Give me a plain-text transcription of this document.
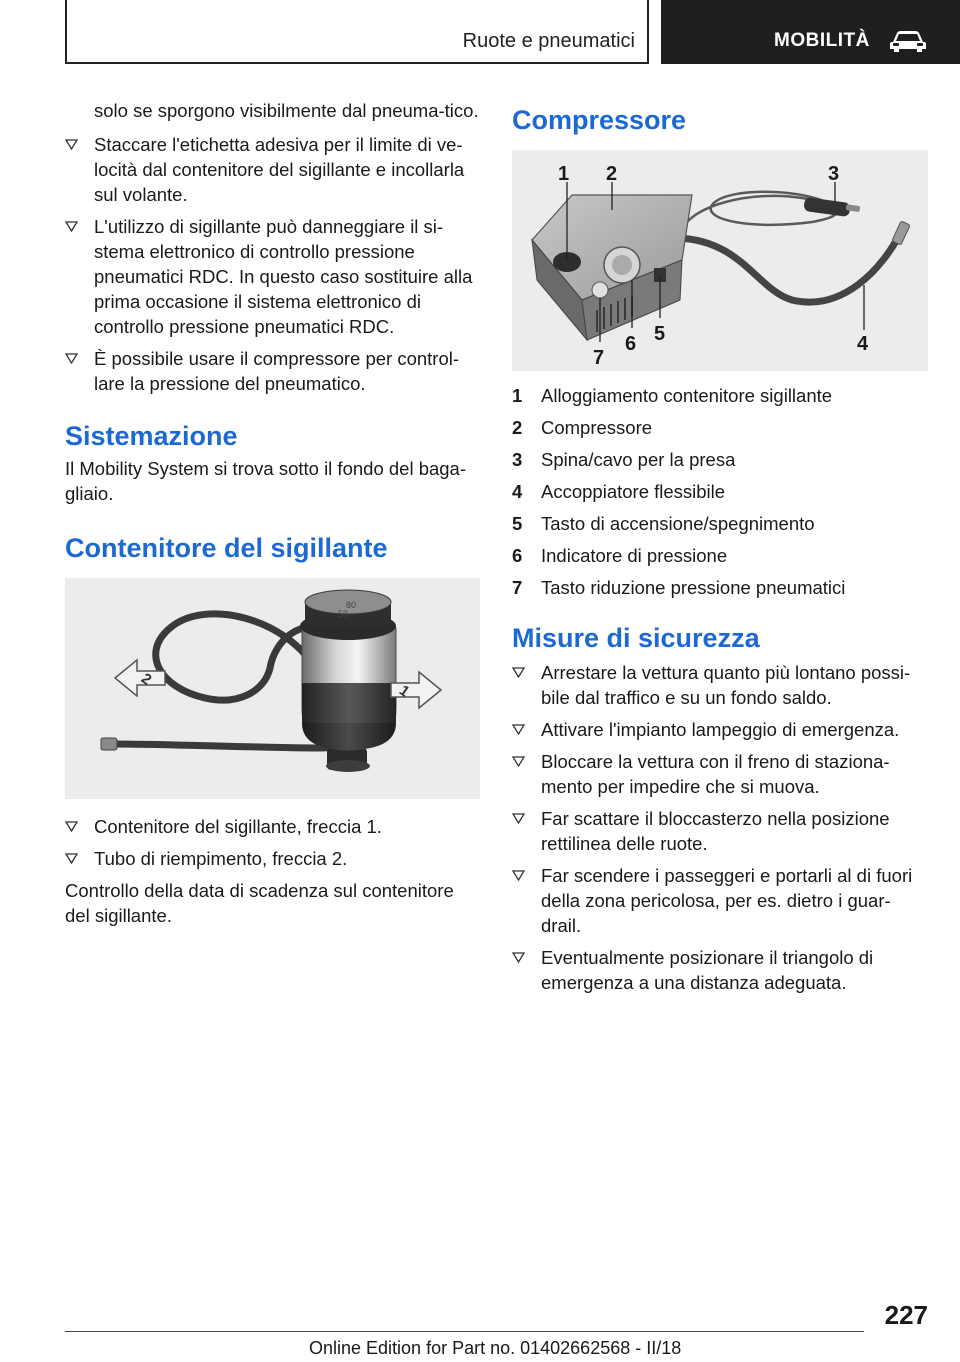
Ruote e pneumatici	MOBILITÀ

solo se sporgono visibilmente dal pneuma-tico.

Staccare l'etichetta adesiva per il limite di ve-locità dal contenitore del sigillante e incollarla sul volante.
L'utilizzo di sigillante può danneggiare il si-stema elettronico di controllo pressione pneumatici RDC. In questo caso sostituire alla prima occasione il sistema elettronico di controllo pressione pneumatici RDC.
È possibile usare il compressore per control-lare la pressione del pneumatico.
Sistemazione

Il Mobility System si trova sotto il fondo del baga-gliaio.

Contenitore del sigillante
80
50
2
1
Contenitore del sigillante, freccia 1.
Tubo di riempimento, freccia 2.

Controllo della data di scadenza sul contenitore del sigillante.

Compressore
1 2	3
4
5
6
7
1 Alloggiamento contenitore sigillante
2 Compressore
3 Spina/cavo per la presa
4 Accoppiatore flessibile
5 Tasto di accensione/spegnimento
6 Indicatore di pressione
7 Tasto riduzione pressione pneumatici
Misure di sicurezza
Arrestare la vettura quanto più lontano possi-bile dal traffico e su un fondo saldo.
Attivare l'impianto lampeggio di emergenza.
Bloccare la vettura con il freno di staziona-mento per impedire che si muova.
Far scattare il bloccasterzo nella posizione rettilinea delle ruote.
Far scendere i passeggeri e portarli al di fuori della zona pericolosa, per es. dietro i guar-drail.
Eventualmente posizionare il triangolo di emergenza a una distanza adeguata.
227
Online Edition for Part no. 01402662568 - II/18
